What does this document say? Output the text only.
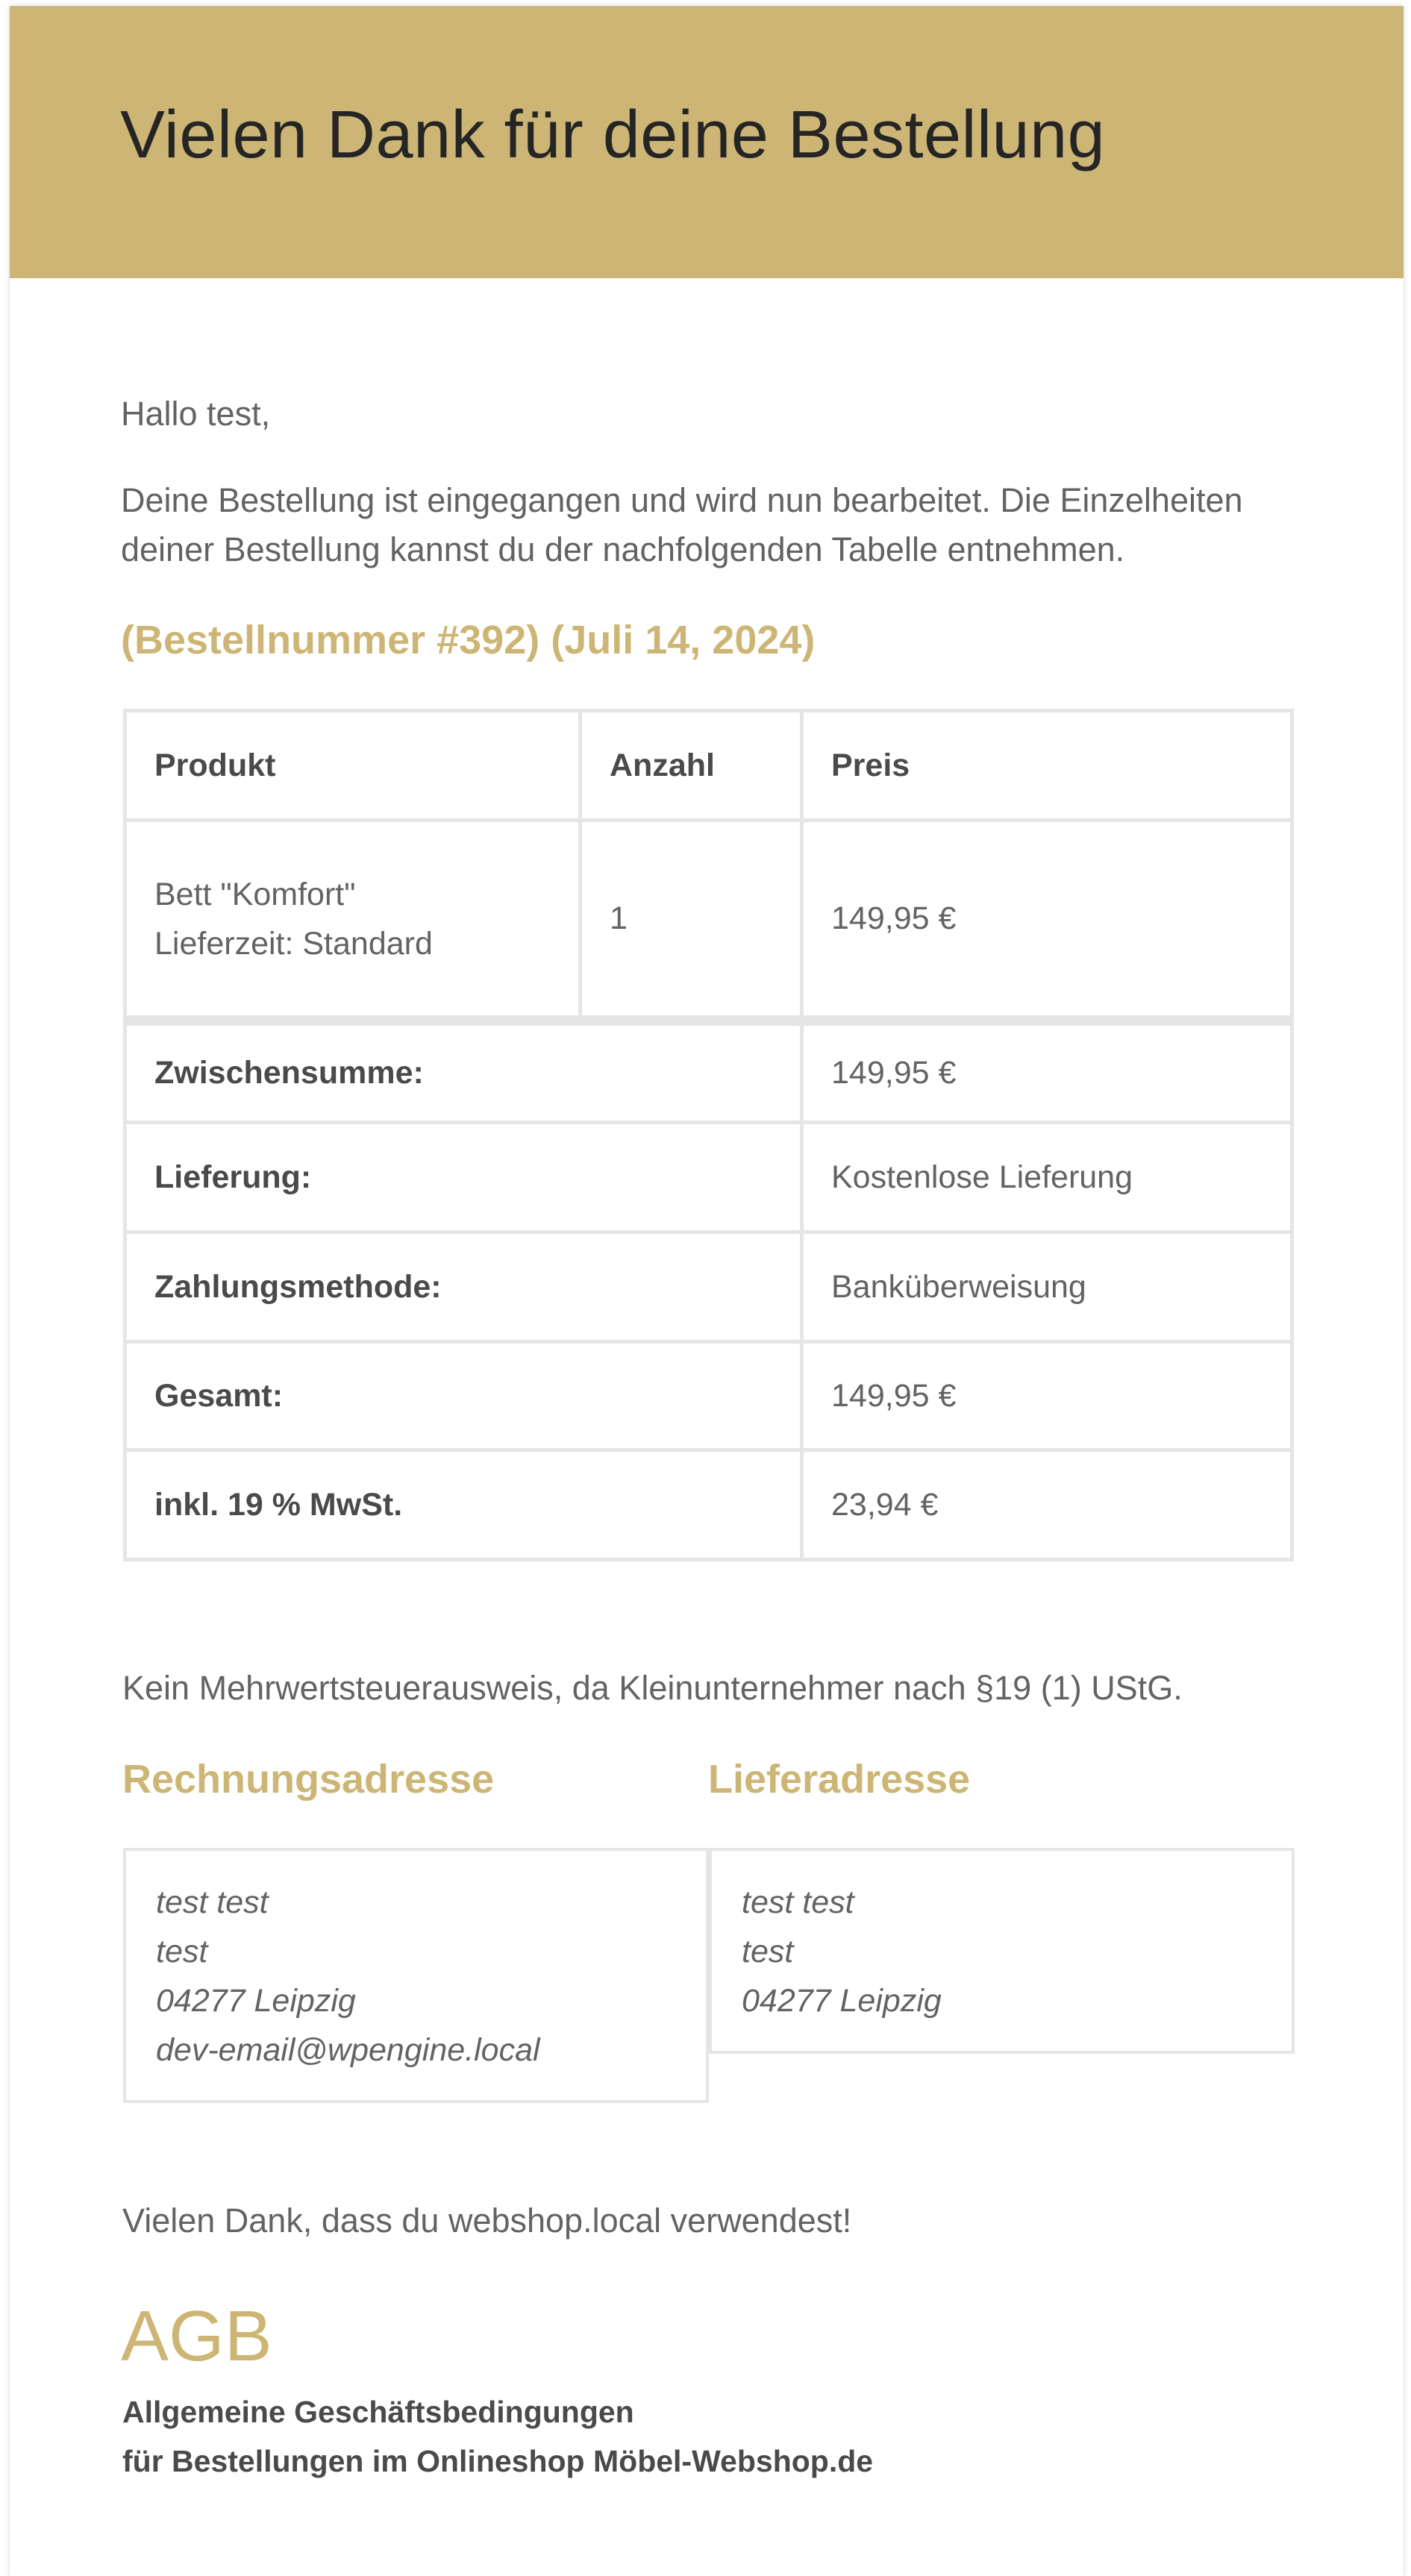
Vielen Dank für deine Bestellung
Hallo test,
Deine Bestellung ist eingegangen und wird nun bearbeitet. Die Einzelheiten
deiner Bestellung kannst du der nachfolgenden Tabelle entnehmen.
(Bestellnummer #392) (Juli 14, 2024)
Produkt	Anzahl	Preis
Bett "Komfort"
Lieferzeit: Standard
1	149,95 €
Zwischensumme:	149,95 €
Lieferung:	Kostenlose Lieferung
Zahlungsmethode:	Banküberweisung
Gesamt:	149,95 €
inkl. 19 % MwSt.	23,94 €
Kein Mehrwertsteuerausweis, da Kleinunternehmer nach §19 (1) UStG.
Rechnungsadresse	Lieferadresse
test test
test
04277 Leipzig
dev-email@wpengine.local
test test
test
04277 Leipzig
Vielen Dank, dass du webshop.local verwendest!
AGB
Allgemeine Geschäftsbedingungen
für Bestellungen im Onlineshop Möbel-Webshop.de
